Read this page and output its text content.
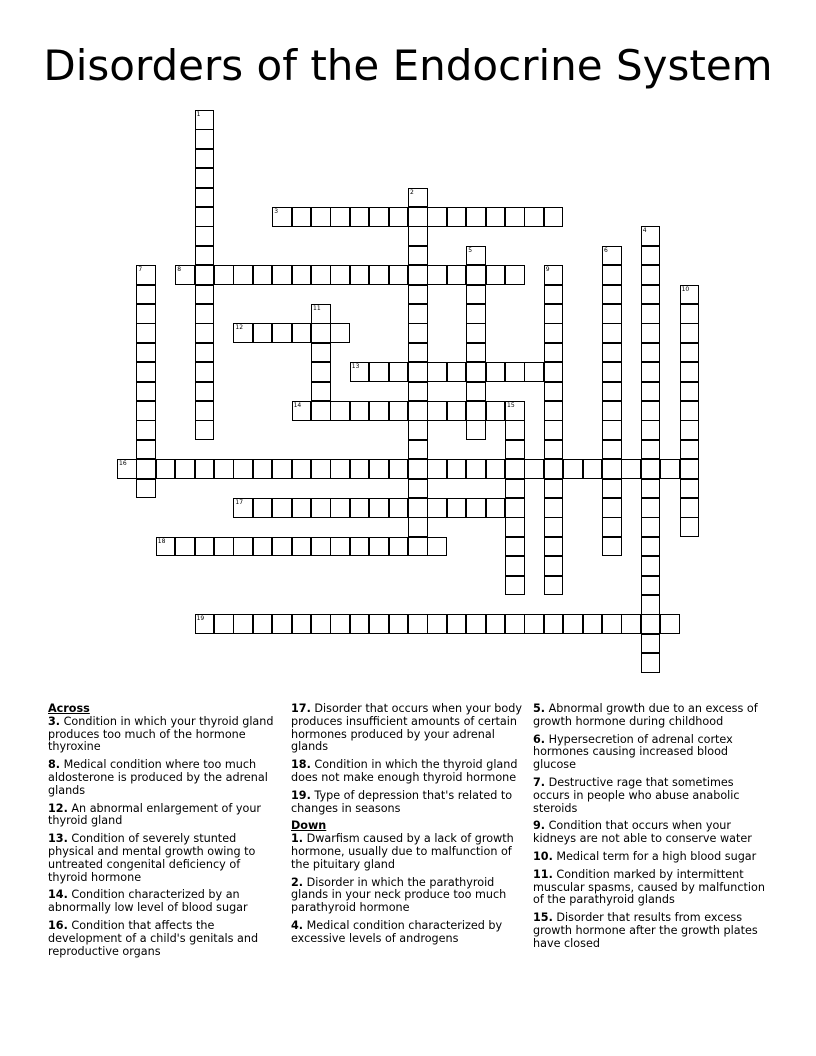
Disorders of the Endocrine System
1
2
3
4
5	6
7	8	9
10
11
12
13
14	15
16
17
18
19
Across
3. Condition in which your thyroid gland produces too much of the hormone thyroxine
8. Medical condition where too much aldosterone is produced by the adrenal glands
12. An abnormal enlargement of your thyroid gland
13. Condition of severely stunted physical and mental growth owing to untreated congenital deficiency of thyroid hormone
14. Condition characterized by an abnormally low level of blood sugar
16. Condition that affects the development of a child's genitals and reproductive organs
17. Disorder that occurs when your body produces insufficient amounts of certain hormones produced by your adrenal glands
18. Condition in which the thyroid gland does not make enough thyroid hormone
19. Type of depression that's related to changes in seasons
Down
1. Dwarfism caused by a lack of growth hormone, usually due to malfunction of the pituitary gland
2. Disorder in which the parathyroid glands in your neck produce too much parathyroid hormone
4. Medical condition characterized by excessive levels of androgens
5. Abnormal growth due to an excess of growth hormone during childhood
6. Hypersecretion of adrenal cortex hormones causing increased blood glucose
7. Destructive rage that sometimes occurs in people who abuse anabolic steroids
9. Condition that occurs when your kidneys are not able to conserve water
10. Medical term for a high blood sugar
11. Condition marked by intermittent muscular spasms, caused by malfunction of the parathyroid glands
15. Disorder that results from excess growth hormone after the growth plates have closed
